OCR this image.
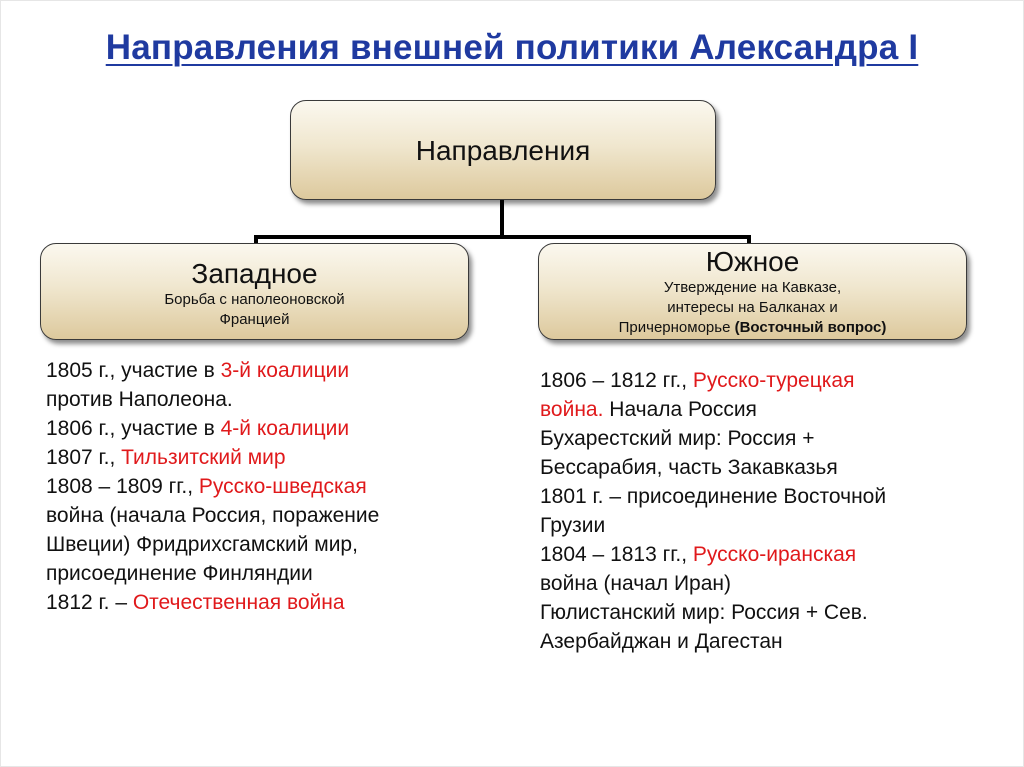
Направления внешней политики Александра I
Направления
Западное
Борьба с наполеоновской
Францией
Южное
Утверждение на Кавказе,
интересы на Балканах и
Причерноморье (Восточный вопрос)
1805 г., участие в 3-й коалиции
против Наполеона.
1806 г., участие в 4-й коалиции
1807 г., Тильзитский мир
1808 – 1809 гг., Русско-шведская
война (начала Россия, поражение
Швеции) Фридрихсгамский мир,
присоединение Финляндии
1812 г. – Отечественная война
1806 – 1812 гг., Русско-турецкая
война. Начала Россия
Бухарестский мир: Россия +
Бессарабия, часть Закавказья
1801 г. – присоединение Восточной
Грузии
1804 – 1813 гг., Русско-иранская
война (начал Иран)
Гюлистанский мир: Россия + Сев.
Азербайджан и Дагестан
